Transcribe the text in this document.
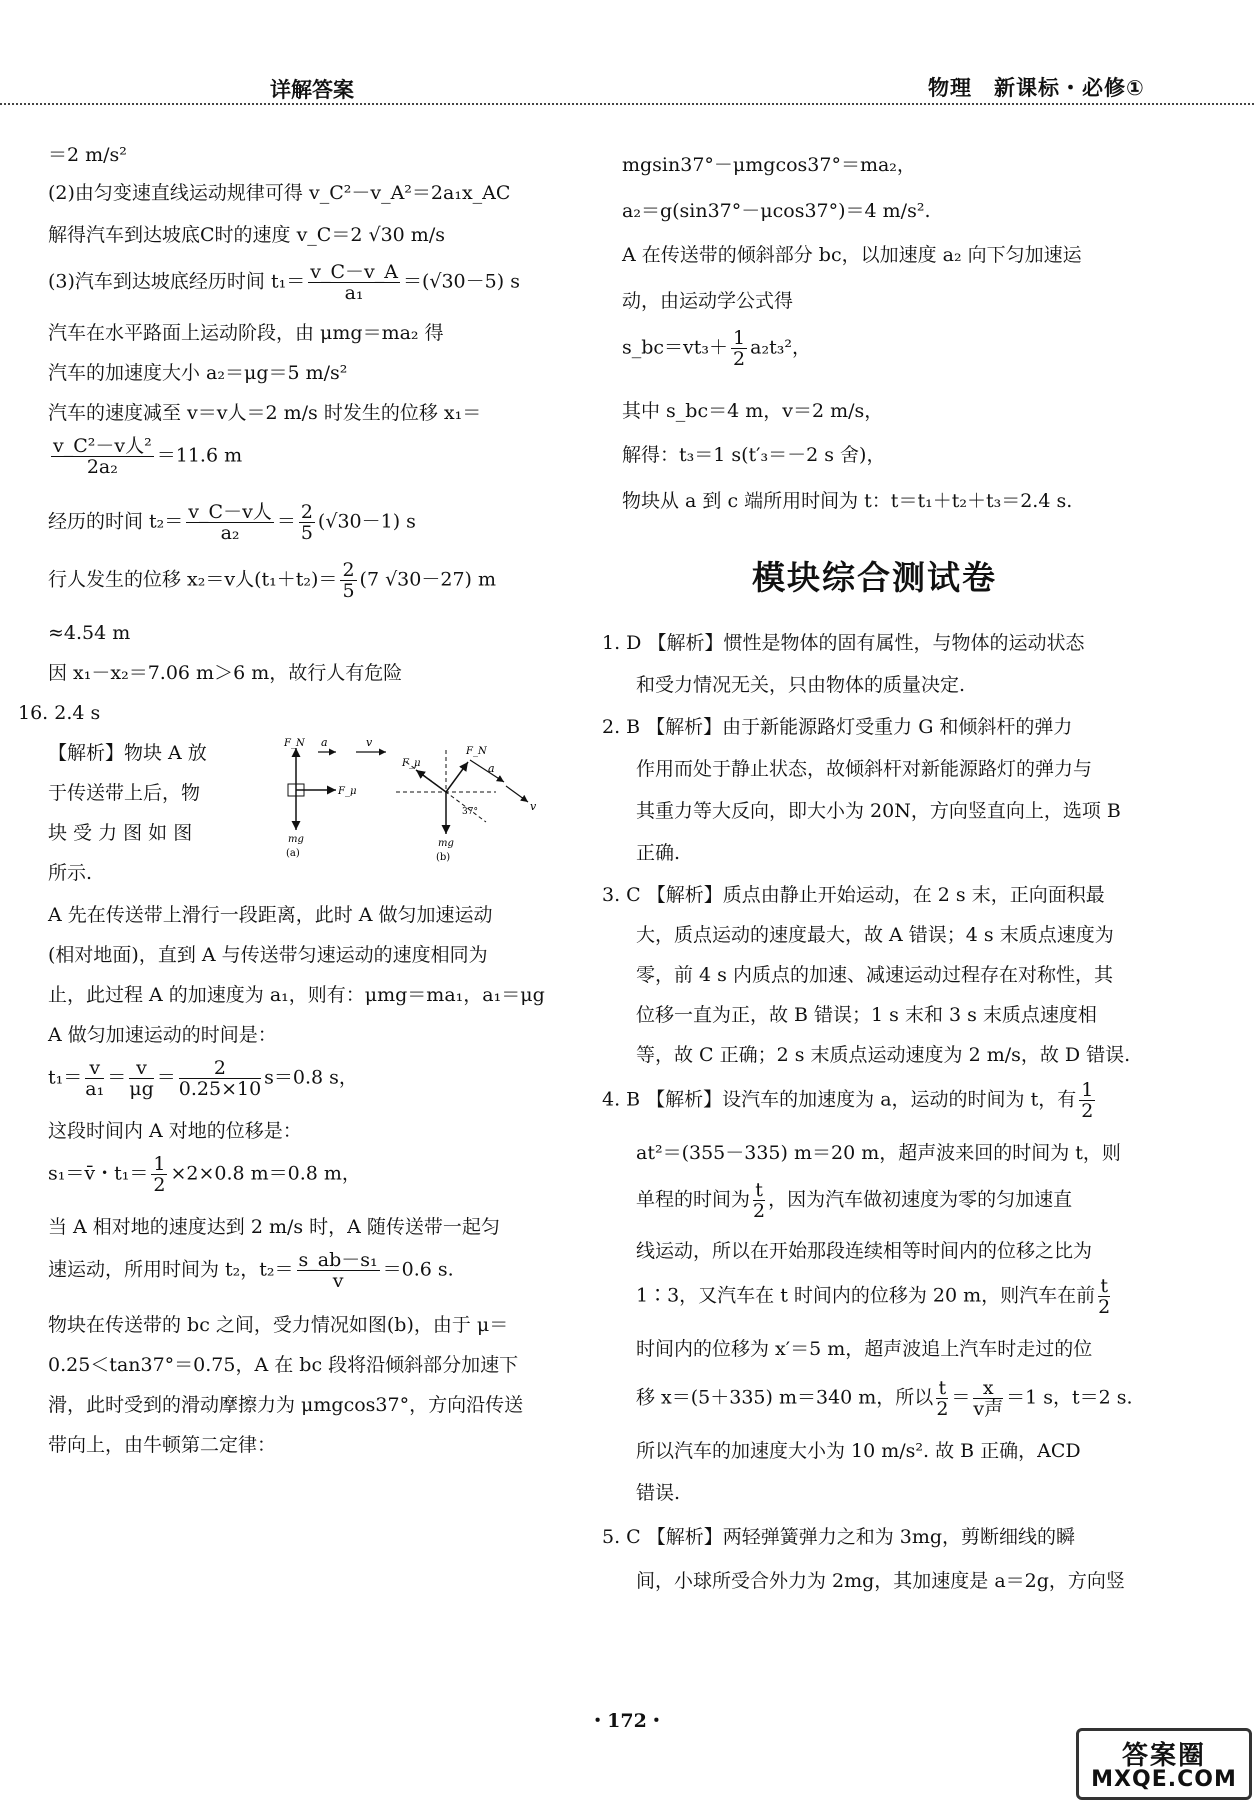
详解答案	物理　新课标・必修①
＝2 m/s²
(2)由匀变速直线运动规律可得 v_C²－v_A²＝2a₁x_AC
解得汽车到达坡底C时的速度 v_C＝2 √30 m/s
(3)汽车到达坡底经历时间 $t_1= \frac{v\_C-v\_A}{\text{a₁}} =(√30-5)$ s
汽车在水平路面上运动阶段，由 μmg＝ma₂ 得
汽车的加速度大小 a₂＝μg＝5 m/s²
汽车的速度减至 v＝v人＝2 m/s 时发生的位移 x₁＝
$\frac{\text{v\_C²－v人²}}{\text{2a₂}} =11.6$ m
经历的时间 $t_2= \frac{\text{v\_C－v人}}{\text{a₂}} = \frac{2}{5} (√30-1)$ s
行人发生的位移 x₂＝v人$(t_1+t_2)= \frac{2}{5} (7$ √30－27) m
≈4.54 m
因 x₁－x₂＝7.06 m＞6 m，故行人有危险
16. 2.4 s
【解析】物块 A 放
于传送带上后，物
块 受 力 图 如 图
所示.
F_N a	v
F_μ
mg
(a)
F_N
F_μ	a
v
37°
mg
(b)
A 先在传送带上滑行一段距离，此时 A 做匀加速运动
(相对地面)，直到 A 与传送带匀速运动的速度相同为
止，此过程 A 的加速度为 a₁，则有：μmg＝ma₁，a₁＝μg
A 做匀加速运动的时间是：
$t_1= \frac{v}{\text{a₁}} = \frac{v}{\mu g} = \frac{2}{0.25\times 10} s=0.8$ s，
这段时间内 A 对地的位移是：
s₁＝v̄・$t_1= \frac{1}{2} \times 2\times 0.8$ m＝0.8 m，
当 A 相对地的速度达到 2 m/s 时，A 随传送带一起匀
速运动，所用时间为 t₂，$t_2= \frac{\text{s\_ab－s₁}}{v} =0.6$ s.
物块在传送带的 bc 之间，受力情况如图(b)，由于 μ＝
0.25＜tan37°＝0.75，A 在 bc 段将沿倾斜部分加速下
滑，此时受到的滑动摩擦力为 μmgcos37°，方向沿传送
带向上，由牛顿第二定律：
mgsin37°－μmgcos37°＝ma₂，
a₂＝g(sin37°－μcos37°)＝4 m/s².
A 在传送带的倾斜部分 bc，以加速度 a₂ 向下匀加速运
动，由运动学公式得
s_bc＝vt₃＋ $\frac{1}{2} a_2t_3^2$，
其中 s_bc＝4 m，v＝2 m/s，
解得：t₃＝1 s(t′₃＝－2 s 舍)，
物块从 a 到 c 端所用时间为 t：t＝t₁＋t₂＋t₃＝2.4 s.
模块综合测试卷
1. D 【解析】惯性是物体的固有属性，与物体的运动状态
和受力情况无关，只由物体的质量决定.
2. B 【解析】由于新能源路灯受重力 G 和倾斜杆的弹力
作用而处于静止状态，故倾斜杆对新能源路灯的弹力与
其重力等大反向，即大小为 20N，方向竖直向上，选项 B
正确.
3. C 【解析】质点由静止开始运动，在 2 s 末，正向面积最
大，质点运动的速度最大，故 A 错误；4 s 末质点速度为
零，前 4 s 内质点的加速、减速运动过程存在对称性，其
位移一直为正，故 B 错误；1 s 末和 3 s 末质点速度相
等，故 C 正确；2 s 末质点运动速度为 2 m/s，故 D 错误.
4. B 【解析】设汽车的加速度为 a，运动的时间为 t，有 $\frac{1}{2}$
at²＝(355－335) m＝20 m，超声波来回的时间为 t，则
单程的时间为 $\frac{t}{2}$ ，因为汽车做初速度为零的匀加速直
线运动，所以在开始那段连续相等时间内的位移之比为
1∶3，又汽车在 t 时间内的位移为 20 m，则汽车在前 $\frac{t}{2}$
时间内的位移为 x′＝5 m，超声波追上汽车时走过的位
移 x＝(5＋335) m＝340 m，所以 $\frac{t}{2} = \frac{x}{\text{v声}} =1$ s，t＝2 s.
所以汽车的加速度大小为 10 m/s². 故 B 正确，ACD
错误.
5. C 【解析】两轻弹簧弹力之和为 3mg，剪断细线的瞬
间，小球所受合外力为 2mg，其加速度是 a＝2g，方向竖
・172・
答案圈
MXQE.COM
